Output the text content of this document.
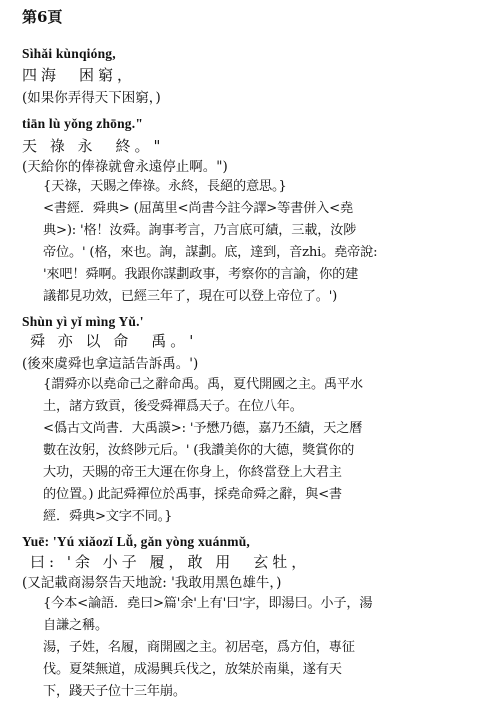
第6頁
Sìhǎi kùnqióng,
四海　困窮，
(如果你弄得天下困窮，)
tiān lù yǒng zhōng."
天 祿 永　終。"
(天給你的俸祿就會永遠停止啊。")
{天祿，天賜之俸祿。永終，長絕的意思。}
<書經．舜典> (屈萬里<尚書今註今譯>等書併入<堯
典>): '格！汝舜。詢事考言，乃言底可績，三載，汝陟
帝位。' (格，來也。詢，謀劃。底，達到，音zhi。堯帝說:
'來吧！舜啊。我跟你謀劃政事，考察你的言論，你的建
議都見功效，已經三年了，現在可以登上帝位了。')
Shùn yì yǐ mìng Yǔ.'
舜 亦 以 命　禹。'
(後來虞舜也拿這話告訴禹。')
{謂舜亦以堯命己之辭命禹。禹，夏代開國之主。禹平水
土，諸方致貢，後受舜禪爲天子。在位八年。
<僞古文尚書．大禹謨>: '予懋乃德，嘉乃丕績，天之曆
數在汝躬，汝終陟元后。' (我讚美你的大德，獎賞你的
大功，天賜的帝王大運在你身上，你終當登上大君主
的位置。) 此記舜禪位於禹事，採堯命舜之辭，與<書
經．舜典>文字不同。}
Yuē: 'Yú xiǎozǐ Lǚ, gǎn yòng xuánmǔ,
曰: '余 小子 履，敢 用　玄牡，
(又記載商湯祭告天地說: '我敢用黑色雄牛，)
{今本<論語．堯曰>篇'余'上有'曰'字，即湯曰。小子，湯
自謙之稱。
湯，子姓，名履，商開國之主。初居亳，爲方伯，專征
伐。夏桀無道，成湯興兵伐之，放桀於南巢，遂有天
下，踐天子位十三年崩。
